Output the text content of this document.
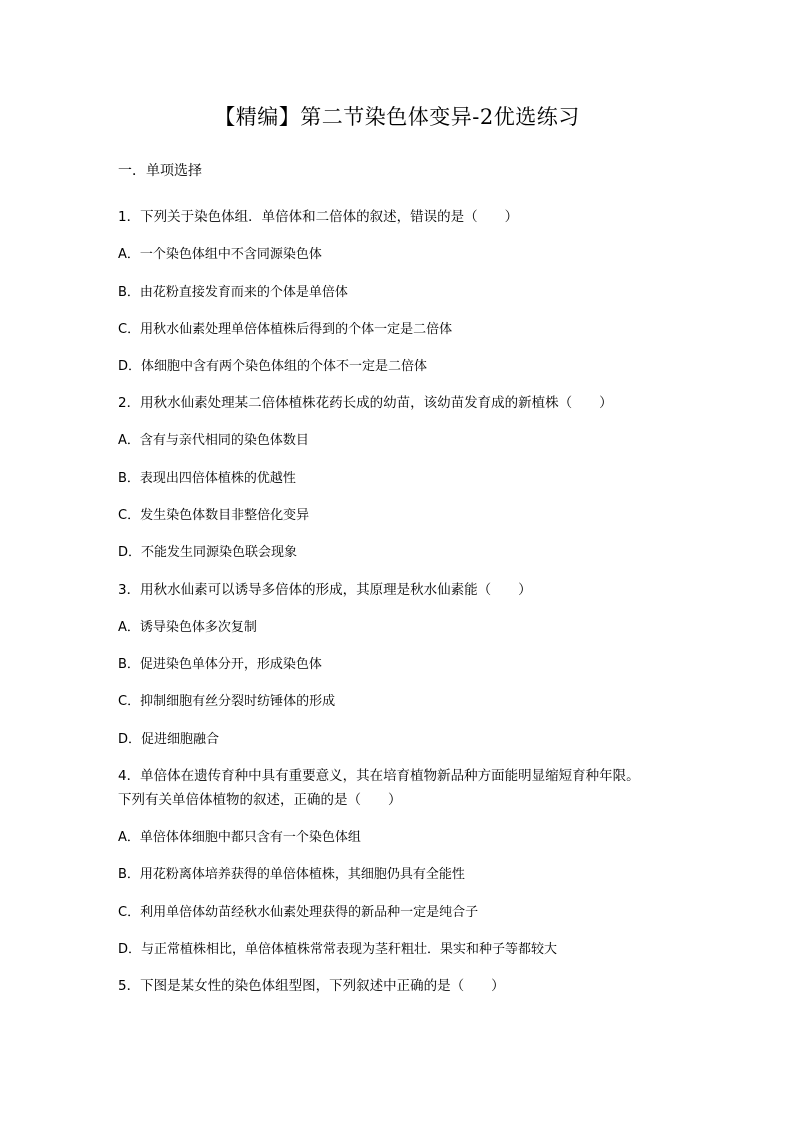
【精编】第二节染色体变异-2优选练习
一．单项选择
1．下列关于染色体组．单倍体和二倍体的叙述，错误的是（　　）
A．一个染色体组中不含同源染色体
B．由花粉直接发育而来的个体是单倍体
C．用秋水仙素处理单倍体植株后得到的个体一定是二倍体
D．体细胞中含有两个染色体组的个体不一定是二倍体
2．用秋水仙素处理某二倍体植株花药长成的幼苗，该幼苗发育成的新植株（　　）
A．含有与亲代相同的染色体数目
B．表现出四倍体植株的优越性
C．发生染色体数目非整倍化变异
D．不能发生同源染色联会现象
3．用秋水仙素可以诱导多倍体的形成，其原理是秋水仙素能（　　）
A．诱导染色体多次复制
B．促进染色单体分开，形成染色体
C．抑制细胞有丝分裂时纺锤体的形成
D．促进细胞融合
4．单倍体在遗传育种中具有重要意义，其在培育植物新品种方面能明显缩短育种年限。
下列有关单倍体植物的叙述，正确的是（　　）
A．单倍体体细胞中都只含有一个染色体组
B．用花粉离体培养获得的单倍体植株，其细胞仍具有全能性
C．利用单倍体幼苗经秋水仙素处理获得的新品种一定是纯合子
D．与正常植株相比，单倍体植株常常表现为茎秆粗壮．果实和种子等都较大
5．下图是某女性的染色体组型图，下列叙述中正确的是（　　）
